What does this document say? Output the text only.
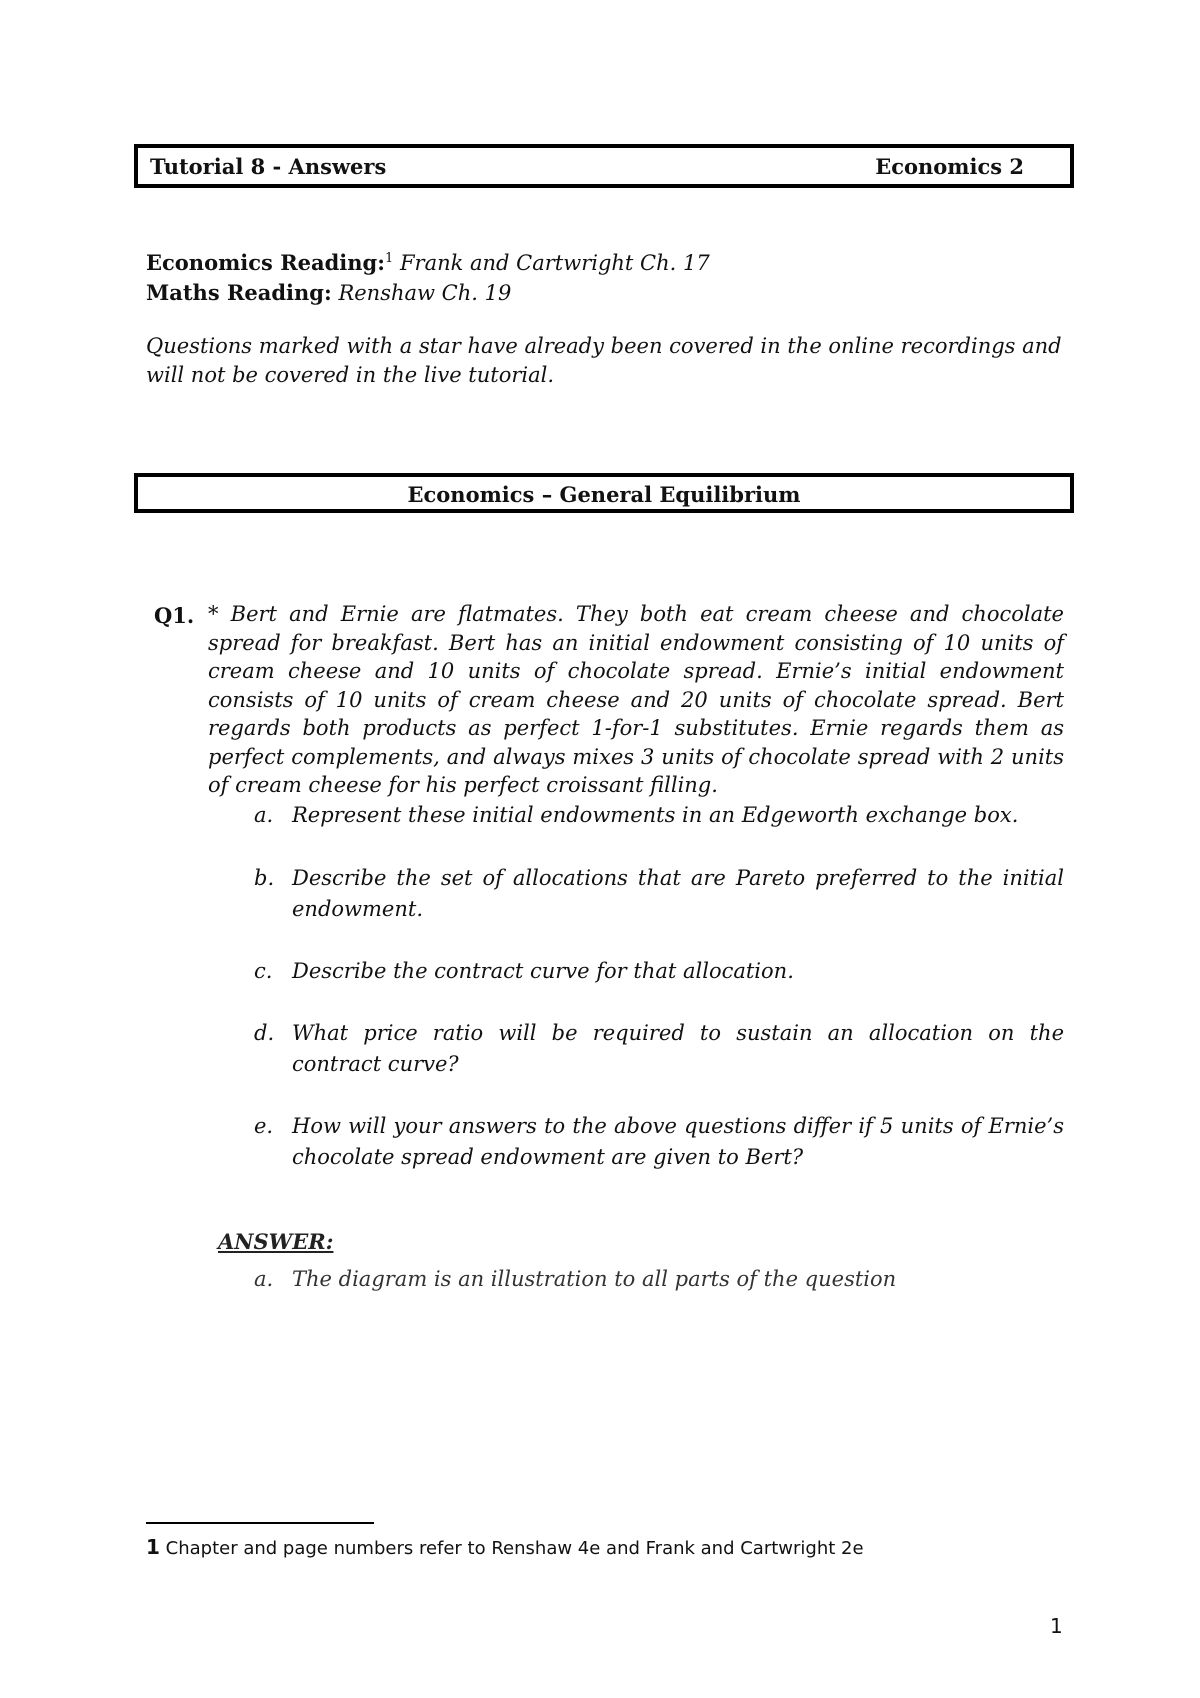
Tutorial 8 - Answers	Economics 2
Economics Reading:$^1$ Frank and Cartwright Ch. 17
Maths Reading: Renshaw Ch. 19
Questions marked with a star have already been covered in the online recordings and will not be covered in the live tutorial.
Economics – General Equilibrium
Q1. * Bert and Ernie are flatmates. They both eat cream cheese and chocolate spread for breakfast. Bert has an initial endowment consisting of 10 units of cream cheese and 10 units of chocolate spread. Ernie’s initial endowment consists of 10 units of cream cheese and 20 units of chocolate spread. Bert regards both products as perfect 1-for-1 substitutes. Ernie regards them as perfect complements, and always mixes 3 units of chocolate spread with 2 units of cream cheese for his perfect croissant filling.
a. Represent these initial endowments in an Edgeworth exchange box.
b. Describe the set of allocations that are Pareto preferred to the initial endowment.
c. Describe the contract curve for that allocation.
d. What price ratio will be required to sustain an allocation on the contract curve?
e. How will your answers to the above questions differ if 5 units of Ernie’s chocolate spread endowment are given to Bert?
ANSWER:
a. The diagram is an illustration to all parts of the question
1 Chapter and page numbers refer to Renshaw 4e and Frank and Cartwright 2e
1
